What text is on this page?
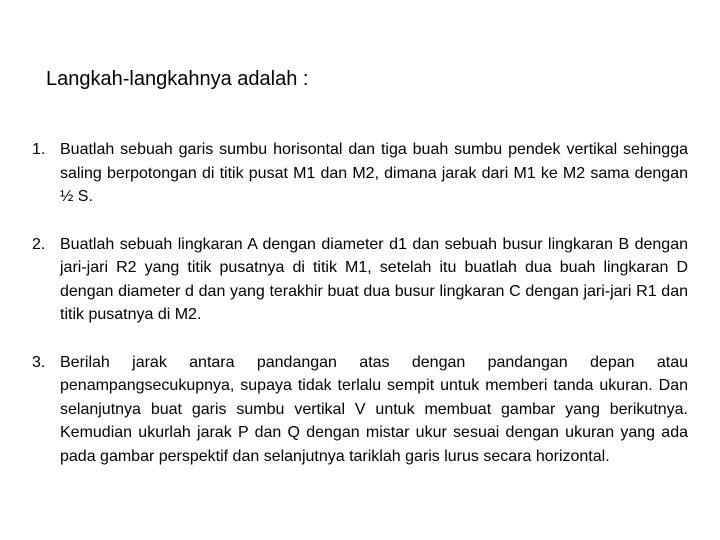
Langkah-langkahnya adalah :
1. Buatlah sebuah garis sumbu horisontal dan tiga buah sumbu pendek vertikal sehingga saling berpotongan di titik pusat M1 dan M2, dimana jarak dari M1 ke M2 sama dengan ½ S.
2. Buatlah sebuah lingkaran A dengan diameter d1 dan sebuah busur lingkaran B dengan jari-jari R2 yang titik pusatnya di titik M1, setelah itu buatlah dua buah lingkaran D dengan diameter d dan yang terakhir buat dua busur lingkaran C dengan jari-jari R1 dan titik pusatnya di M2.
3. Berilah jarak antara pandangan atas dengan pandangan depan atau penampangsecukupnya, supaya tidak terlalu sempit untuk memberi tanda ukuran. Dan selanjutnya buat garis sumbu vertikal V untuk membuat gambar yang berikutnya. Kemudian ukurlah jarak P dan Q dengan mistar ukur sesuai dengan ukuran yang ada pada gambar perspektif dan selanjutnya tariklah garis lurus secara horizontal.
